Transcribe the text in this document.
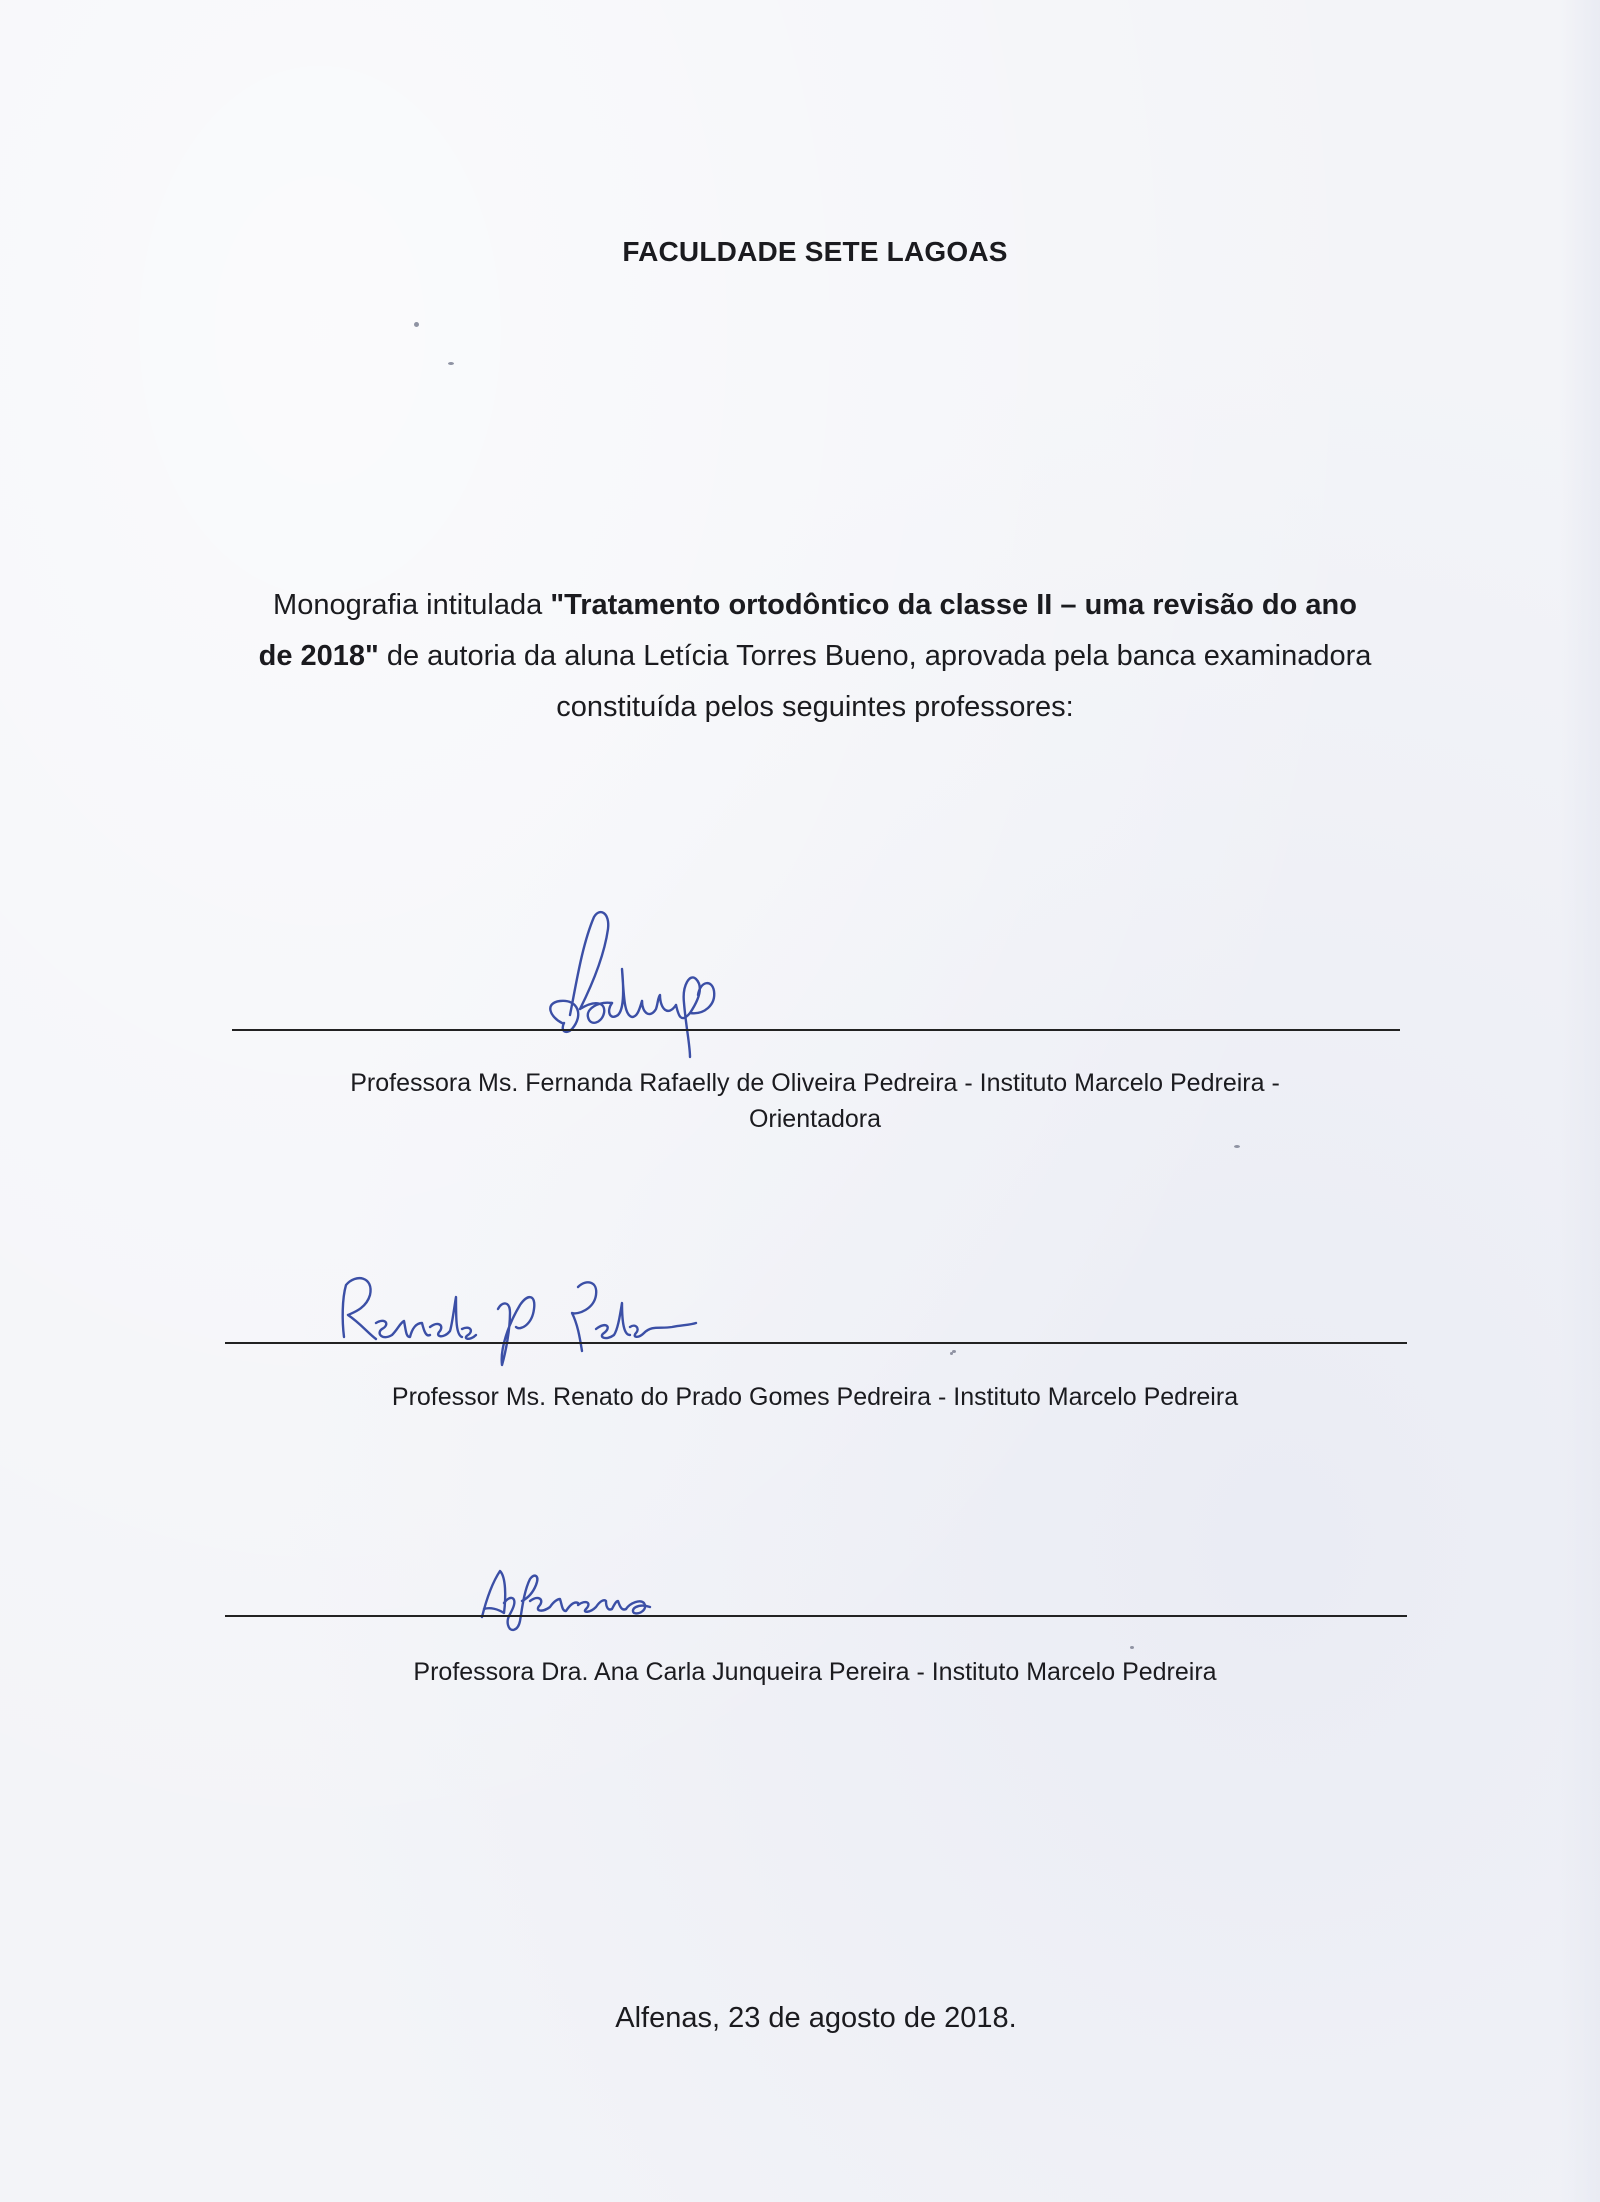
FACULDADE SETE LAGOAS
Monografia intitulada "Tratamento ortodôntico da classe II – uma revisão do ano
de 2018" de autoria da aluna Letícia Torres Bueno, aprovada pela banca examinadora constituída pelos seguintes professores:
Professora Ms. Fernanda Rafaelly de Oliveira Pedreira - Instituto Marcelo Pedreira -
Orientadora
Professor Ms. Renato do Prado Gomes Pedreira - Instituto Marcelo Pedreira
Professora Dra. Ana Carla Junqueira Pereira - Instituto Marcelo Pedreira
Alfenas, 23 de agosto de 2018.
